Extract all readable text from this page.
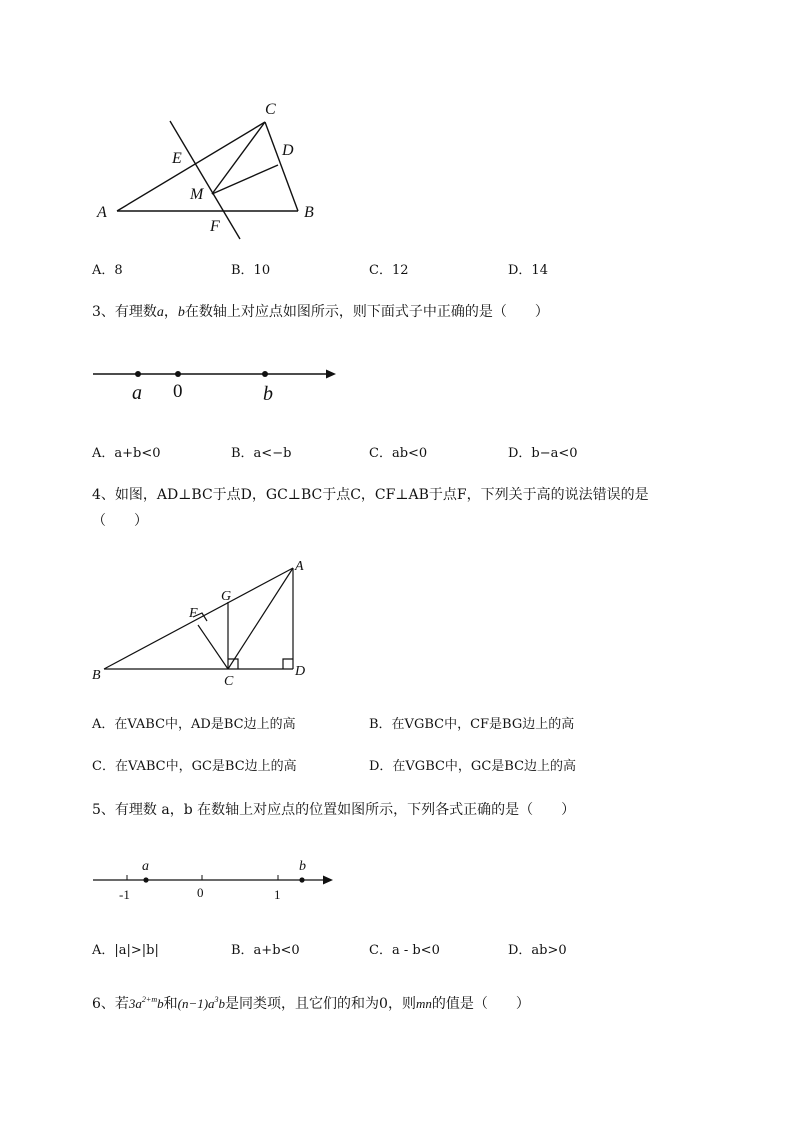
A	B
C
D
E
F
M
A．8	B．10	C．12	D．14
3、有理数a，b在数轴上对应点如图所示，则下面式子中正确的是（　　）
a 0	b
A．a+b<0	B．a<−b	C．ab<0	D．b−a<0
4、如图，AD⊥BC于点D，GC⊥BC于点C，CF⊥AB于点F，下列关于高的说法错误的是
（　　）
A
B	C
D
F
G
A．在VABC中，AD是BC边上的高	B．在VGBC中，CF是BG边上的高
C．在VABC中，GC是BC边上的高	D．在VGBC中，GC是BC边上的高
5、有理数 a，b 在数轴上对应点的位置如图所示，下列各式正确的是（　　）
a	b
-1	0	1
A．|a|>|b|	B．a+b<0	C．a - b<0	D．ab>0
6、若$3a^{2+m}b$和$(n-1)a^3b$是同类项，且它们的和为0，则mn的值是（　　）
